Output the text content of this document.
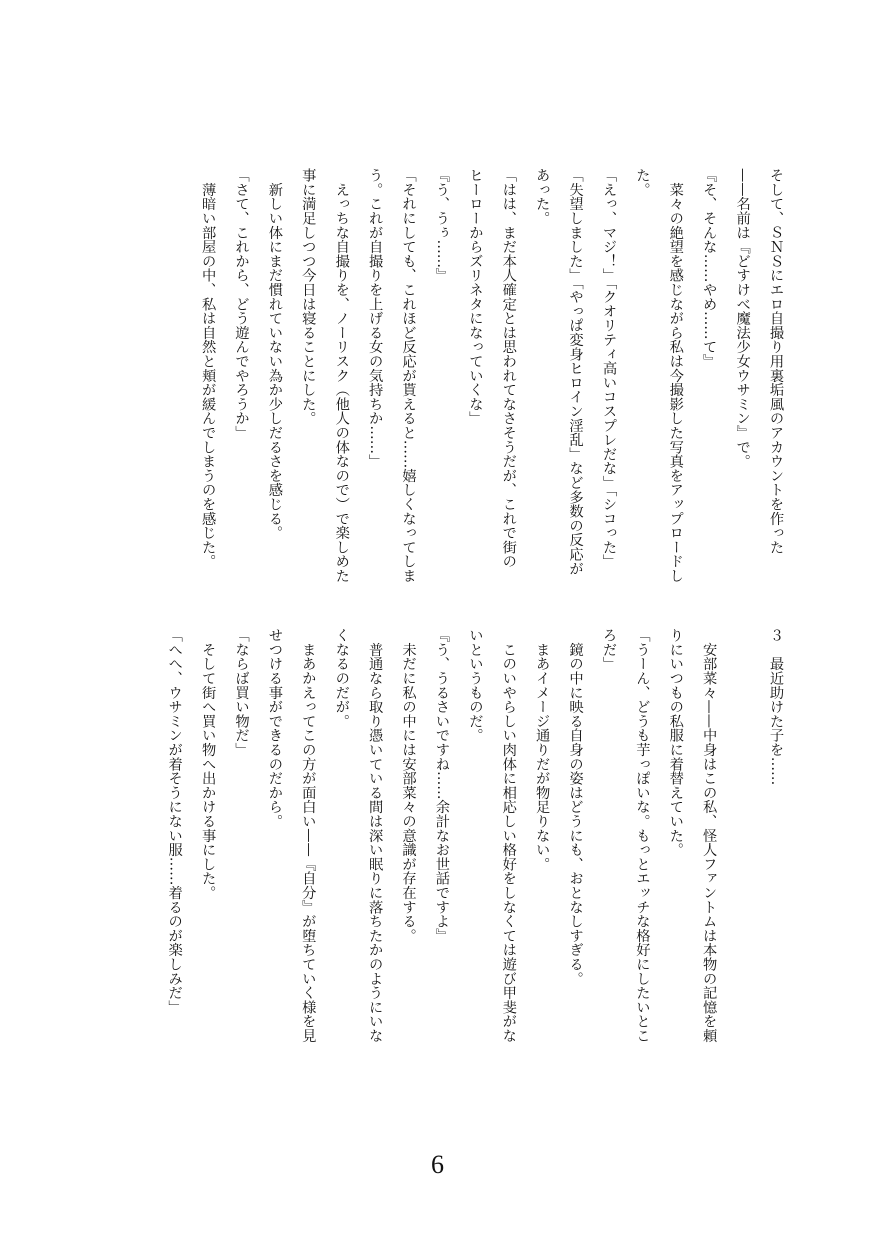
そして、ＳＮＳにエロ自撮り用裏垢風のアカウントを作った
——名前は『どすけべ魔法少女ウサミン』で。
『そ、そんな……やめ……て』
　菜々の絶望を感じながら私は今撮影した写真をアップロードし
た。
「えっ、マジ！」「クオリティ高いコスプレだな」「シコった」
「失望しました」「やっぱ変身ヒロイン淫乱」など多数の反応が
あった。
「はは、まだ本人確定とは思われてなさそうだが、これで街の
ヒーローからズリネタになっていくな」
『う、うぅ……』
「それにしても、これほど反応が貰えると……嬉しくなってしま
う。これが自撮りを上げる女の気持ちか……」
　えっちな自撮りを、ノーリスク（他人の体なので）で楽しめた
事に満足しつつ今日は寝ることにした。
　新しい体にまだ慣れていない為か少しだるさを感じる。
「さて、これから、どう遊んでやろうか」
　薄暗い部屋の中、私は自然と頬が緩んでしまうのを感じた。
３　最近助けた子を……

　安部菜々——中身はこの私、怪人ファントムは本物の記憶を頼
りにいつもの私服に着替えていた。
「うーん、どうも芋っぽいな。もっとエッチな格好にしたいとこ
ろだ」
　鏡の中に映る自身の姿はどうにも、おとなしすぎる。
　まあイメージ通りだが物足りない。
　このいやらしい肉体に相応しい格好をしなくては遊び甲斐がな
いというものだ。
『う、うるさいですね……余計なお世話ですよ』
　未だに私の中には安部菜々の意識が存在する。
　普通なら取り憑いている間は深い眠りに落ちたかのようにいな
くなるのだが。
　まあかえってこの方が面白い——『自分』が堕ちていく様を見
せつける事ができるのだから。
「ならば買い物だ」
　そして街へ買い物へ出かける事にした。
「へへ、ウサミンが着そうにない服……着るのが楽しみだ」
6
